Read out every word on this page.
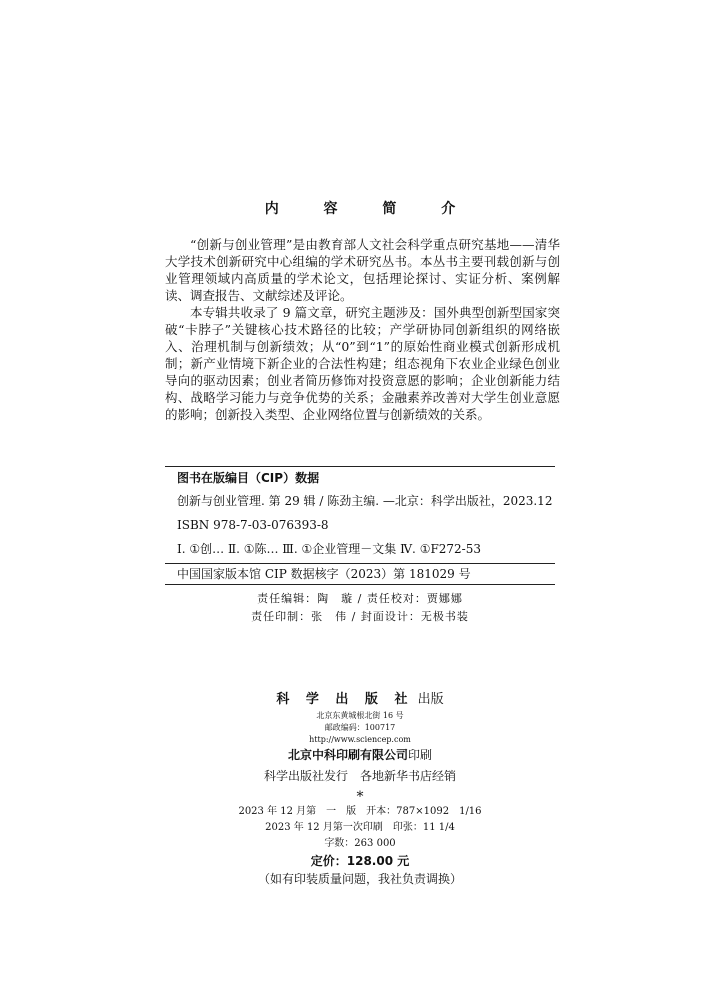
内 容 简 介

“创新与创业管理”是由教育部人文社会科学重点研究基地——清华大学技术创新研究中心组编的学术研究丛书。本丛书主要刊载创新与创业管理领域内高质量的学术论文，包括理论探讨、实证分析、案例解读、调查报告、文献综述及评论。

本专辑共收录了 9 篇文章，研究主题涉及：国外典型创新型国家突破“卡脖子”关键核心技术路径的比较；产学研协同创新组织的网络嵌入、治理机制与创新绩效；从“0”到“1”的原始性商业模式创新形成机制；新产业情境下新企业的合法性构建；组态视角下农业企业绿色创业导向的驱动因素；创业者简历修饰对投资意愿的影响；企业创新能力结构、战略学习能力与竞争优势的关系；金融素养改善对大学生创业意愿的影响；创新投入类型、企业网络位置与创新绩效的关系。

图书在版编目（CIP）数据
创新与创业管理. 第 29 辑 / 陈劲主编. —北京：科学出版社，2023.12
ISBN 978-7-03-076393-8
Ⅰ. ①创… Ⅱ. ①陈… Ⅲ. ①企业管理－文集 Ⅳ. ①F272-53
中国国家版本馆 CIP 数据核字（2023）第 181029 号
责任编辑：陶　璇 / 责任校对：贾娜娜
责任印制：张　伟 / 封面设计：无极书装
科 学 出 版 社 出版
北京东黄城根北街 16 号
邮政编码：100717
http://www.sciencep.com
北京中科印刷有限公司印刷
科学出版社发行　各地新华书店经销
*
2023 年 12 月第　一　版　开本：787×1092　1/16
2023 年 12 月第一次印刷　印张：11 1/4
字数：263 000
定价：128.00 元
（如有印装质量问题，我社负责调换）
